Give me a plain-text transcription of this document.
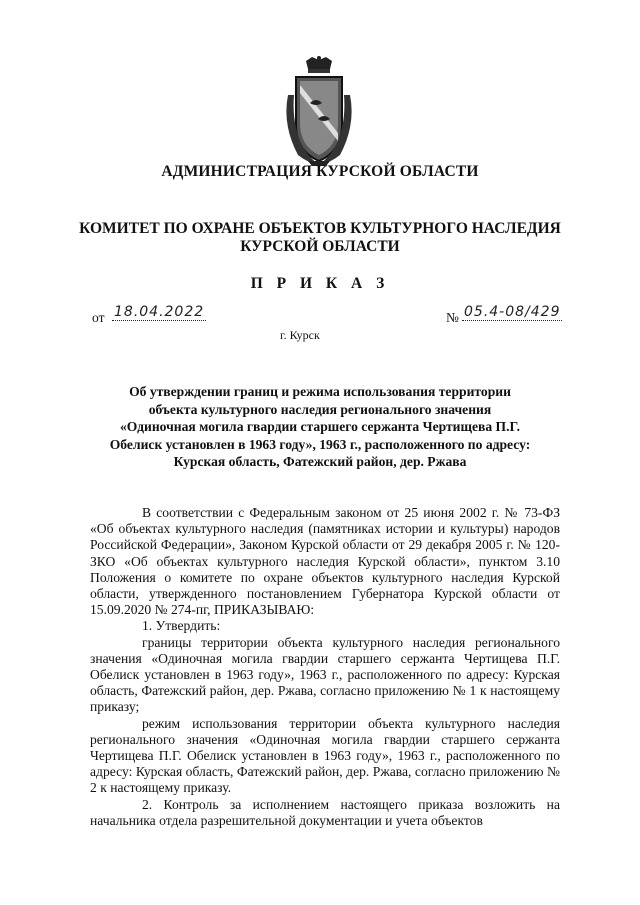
АДМИНИСТРАЦИЯ КУРСКОЙ ОБЛАСТИ
КОМИТЕТ ПО ОХРАНЕ ОБЪЕКТОВ КУЛЬТУРНОГО НАСЛЕДИЯ
КУРСКОЙ ОБЛАСТИ
П Р И К А З
от 18.04.2022	№ 05.4-08/429
г. Курск
Об утверждении границ и режима использования территории
объекта культурного наследия регионального значения
«Одиночная могила гвардии старшего сержанта Чертищева П.Г.
Обелиск установлен в 1963 году», 1963 г., расположенного по адресу:
Курская область, Фатежский район, дер. Ржава

В соответствии с Федеральным законом от 25 июня 2002 г. № 73-ФЗ «Об объектах культурного наследия (памятниках истории и культуры) народов Российской Федерации», Законом Курской области от 29 декабря 2005 г. № 120-ЗКО «Об объектах культурного наследия Курской области», пунктом 3.10 Положения о комитете по охране объектов культурного наследия Курской области, утвержденного постановлением Губернатора Курской области от 15.09.2020 № 274-пг, ПРИКАЗЫВАЮ:

1. Утвердить:

границы территории объекта культурного наследия регионального значения «Одиночная могила гвардии старшего сержанта Чертищева П.Г. Обелиск установлен в 1963 году», 1963 г., расположенного по адресу: Курская область, Фатежский район, дер. Ржава, согласно приложению № 1 к настоящему приказу;

режим использования территории объекта культурного наследия регионального значения «Одиночная могила гвардии старшего сержанта Чертищева П.Г. Обелиск установлен в 1963 году», 1963 г., расположенного по адресу: Курская область, Фатежский район, дер. Ржава, согласно приложению № 2 к настоящему приказу.

2. Контроль за исполнением настоящего приказа возложить на начальника отдела разрешительной документации и учета объектов
